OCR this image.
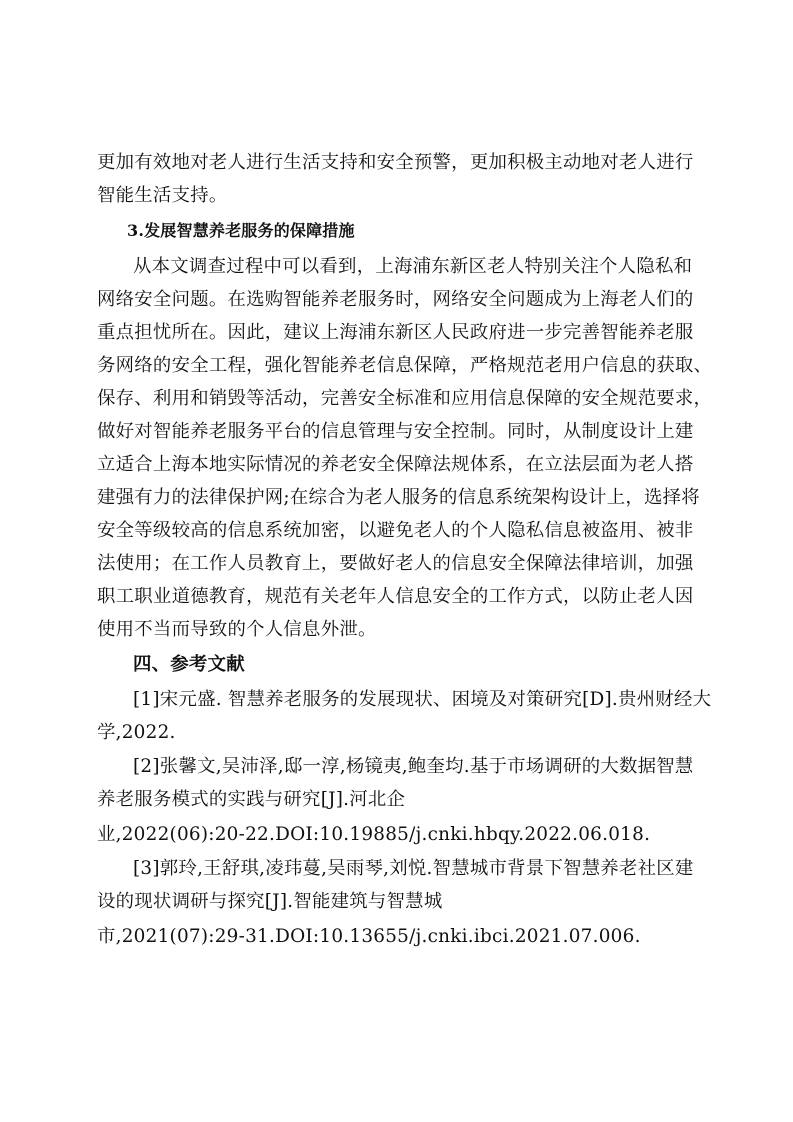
更加有效地对老人进行生活支持和安全预警，更加积极主动地对老人进行
智能生活支持。
3.发展智慧养老服务的保障措施
从本文调查过程中可以看到，上海浦东新区老人特别关注个人隐私和
网络安全问题。在选购智能养老服务时，网络安全问题成为上海老人们的
重点担忧所在。因此，建议上海浦东新区人民政府进一步完善智能养老服
务网络的安全工程，强化智能养老信息保障，严格规范老用户信息的获取、
保存、利用和销毁等活动，完善安全标准和应用信息保障的安全规范要求，
做好对智能养老服务平台的信息管理与安全控制。同时，从制度设计上建
立适合上海本地实际情况的养老安全保障法规体系，在立法层面为老人搭
建强有力的法律保护网;在综合为老人服务的信息系统架构设计上，选择将
安全等级较高的信息系统加密，以避免老人的个人隐私信息被盗用、被非
法使用；在工作人员教育上，要做好老人的信息安全保障法律培训，加强
职工职业道德教育，规范有关老年人信息安全的工作方式，以防止老人因
使用不当而导致的个人信息外泄。
四、参考文献
[1]宋元盛. 智慧养老服务的发展现状、困境及对策研究[D].贵州财经大
学,2022.
[2]张馨文,吴沛泽,邸一淳,杨镜夷,鲍奎均.基于市场调研的大数据智慧
养老服务模式的实践与研究[J].河北企
业,2022(06):20-22.DOI:10.19885/j.cnki.hbqy.2022.06.018.
[3]郭玲,王舒琪,凌玮蔓,吴雨琴,刘悦.智慧城市背景下智慧养老社区建
设的现状调研与探究[J].智能建筑与智慧城
市,2021(07):29-31.DOI:10.13655/j.cnki.ibci.2021.07.006.
